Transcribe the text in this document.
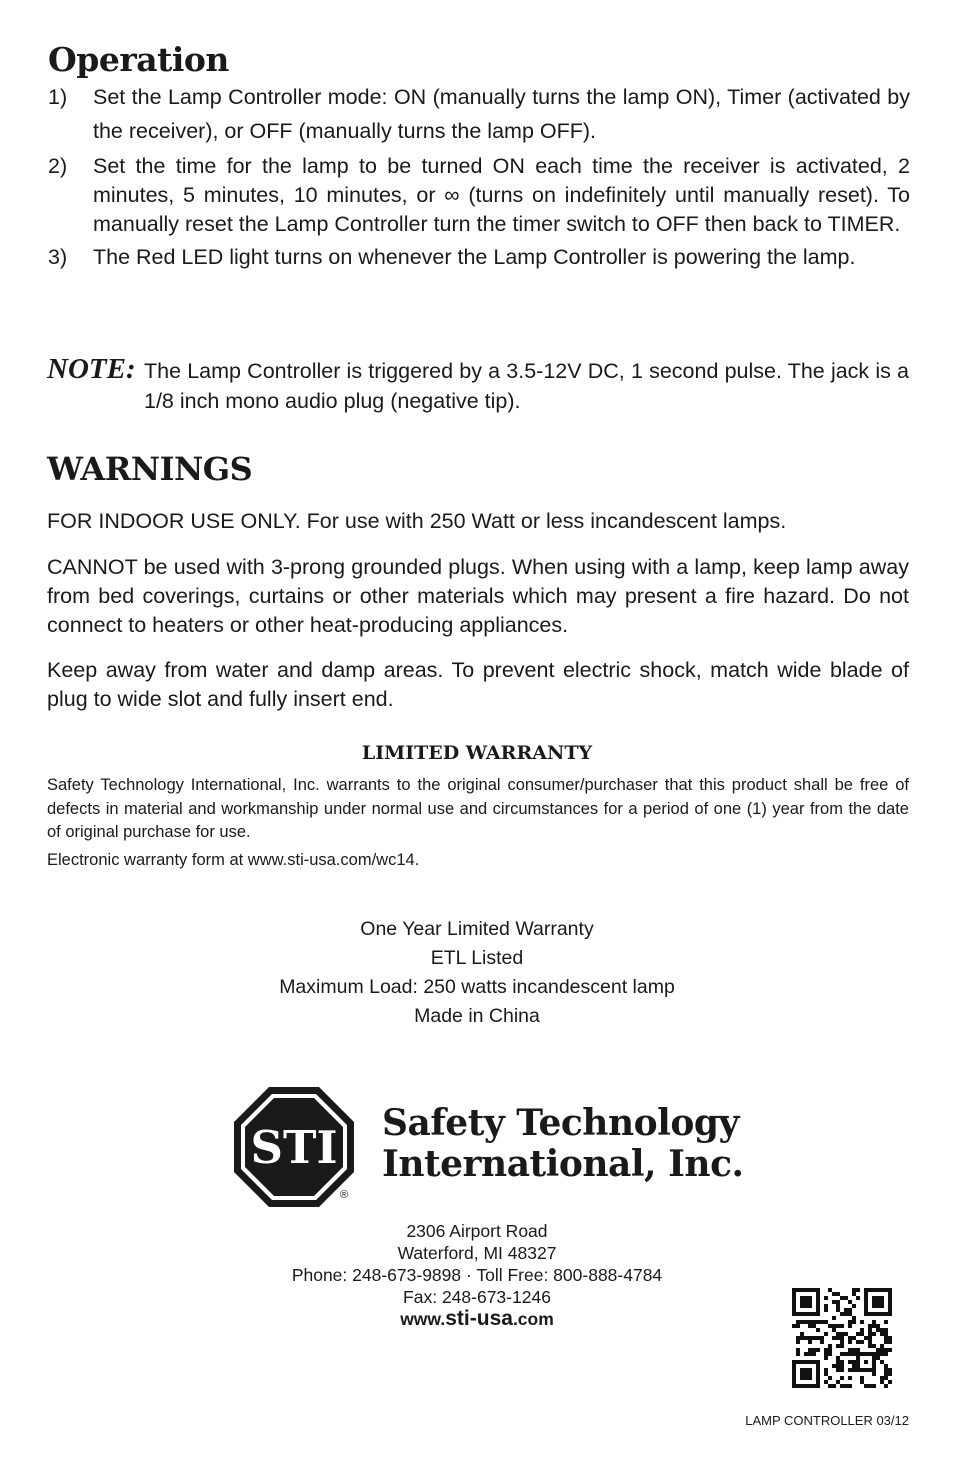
Operation
1) Set the Lamp Controller mode: ON (manually turns the lamp ON), Timer (activated by the receiver), or OFF (manually turns the lamp OFF).
2) Set the time for the lamp to be turned ON each time the receiver is activated, 2 minutes, 5 minutes, 10 minutes, or ∞ (turns on indefinitely until manually reset). To manually reset the Lamp Controller turn the timer switch to OFF then back to TIMER.
3) The Red LED light turns on whenever the Lamp Controller is powering the lamp.
NOTE: The Lamp Controller is triggered by a 3.5-12V DC, 1 second pulse. The jack is a 1/8 inch mono audio plug (negative tip).
WARNINGS

FOR INDOOR USE ONLY. For use with 250 Watt or less incandescent lamps.

CANNOT be used with 3-prong grounded plugs. When using with a lamp, keep lamp away from bed coverings, curtains or other materials which may present a fire hazard. Do not connect to heaters or other heat-producing appliances.

Keep away from water and damp areas. To prevent electric shock, match wide blade of plug to wide slot and fully insert end.

LIMITED WARRANTY

Safety Technology International, Inc. warrants to the original consumer/purchaser that this product shall be free of defects in material and workmanship under normal use and circumstances for a period of one (1) year from the date of original purchase for use.

Electronic warranty form at www.sti-usa.com/wc14.

One Year Limited Warranty
ETL Listed
Maximum Load: 250 watts incandescent lamp
Made in China
STI
®
Safety Technology
International, Inc.
2306 Airport Road
Waterford, MI 48327
Phone: 248-673-9898 · Toll Free: 800-888-4784
Fax: 248-673-1246
www.sti-usa.com
LAMP CONTROLLER 03/12
